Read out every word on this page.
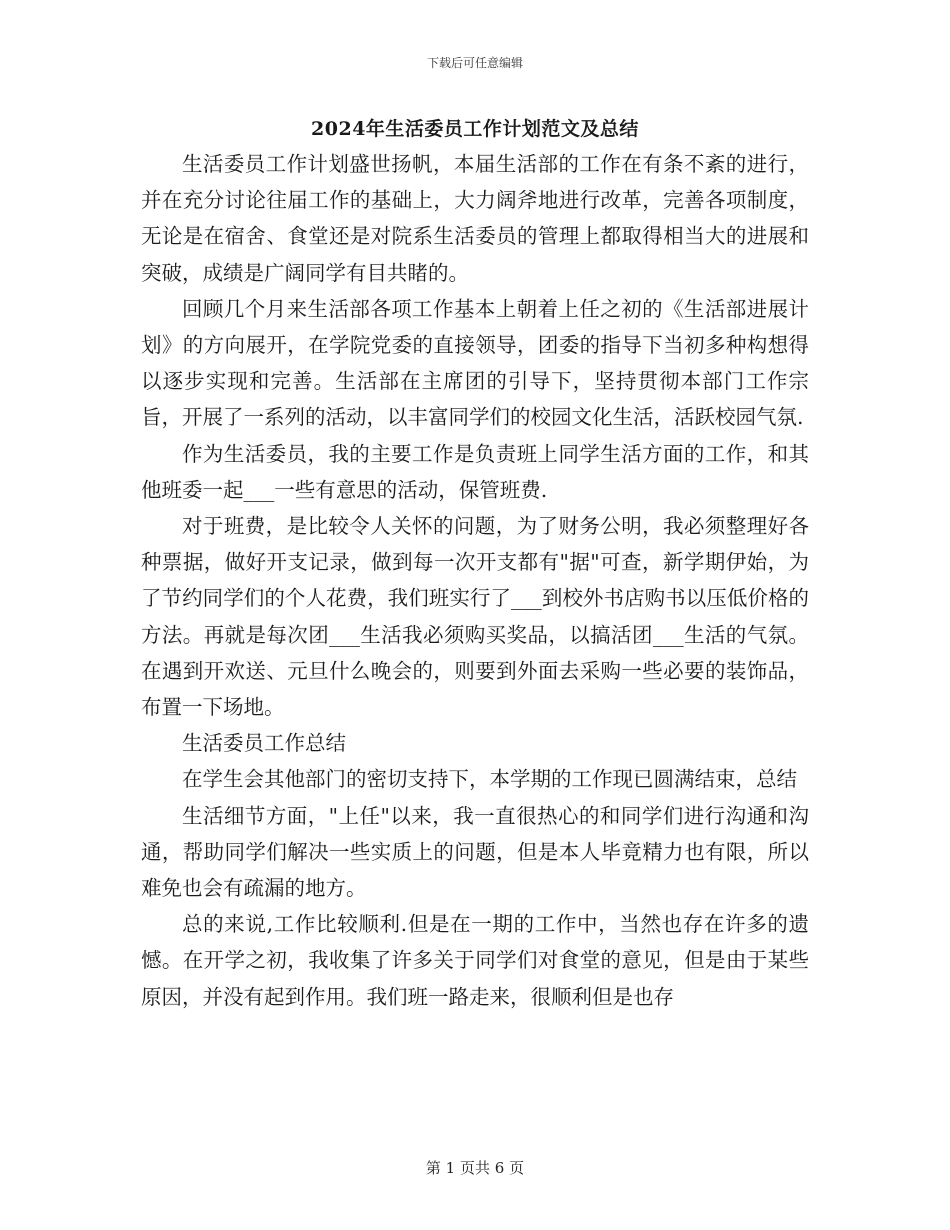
下载后可任意编辑
2024年生活委员工作计划范文及总结

生活委员工作计划盛世扬帆，本届生活部的工作在有条不紊的进行，并在充分讨论往届工作的基础上，大力阔斧地进行改革，完善各项制度，无论是在宿舍、食堂还是对院系生活委员的管理上都取得相当大的进展和突破，成绩是广阔同学有目共睹的。

回顾几个月来生活部各项工作基本上朝着上任之初的《生活部进展计划》的方向展开，在学院党委的直接领导，团委的指导下当初多种构想得以逐步实现和完善。生活部在主席团的引导下，坚持贯彻本部门工作宗旨，开展了一系列的活动，以丰富同学们的校园文化生活，活跃校园气氛.

作为生活委员，我的主要工作是负责班上同学生活方面的工作，和其他班委一起___一些有意思的活动，保管班费.

对于班费，是比较令人关怀的问题，为了财务公明，我必须整理好各种票据，做好开支记录，做到每一次开支都有"据"可查，新学期伊始，为了节约同学们的个人花费，我们班实行了___到校外书店购书以压低价格的方法。再就是每次团___生活我必须购买奖品，以搞活团___生活的气氛。在遇到开欢送、元旦什么晚会的，则要到外面去采购一些必要的装饰品，布置一下场地。

生活委员工作总结

在学生会其他部门的密切支持下，本学期的工作现已圆满结束，总结

生活细节方面，"上任"以来，我一直很热心的和同学们进行沟通和沟通，帮助同学们解决一些实质上的问题，但是本人毕竟精力也有限，所以难免也会有疏漏的地方。

总的来说,工作比较顺利.但是在一期的工作中，当然也存在许多的遗憾。在开学之初，我收集了许多关于同学们对食堂的意见，但是由于某些原因，并没有起到作用。我们班一路走来，很顺利但是也存

第 1 页共 6 页
